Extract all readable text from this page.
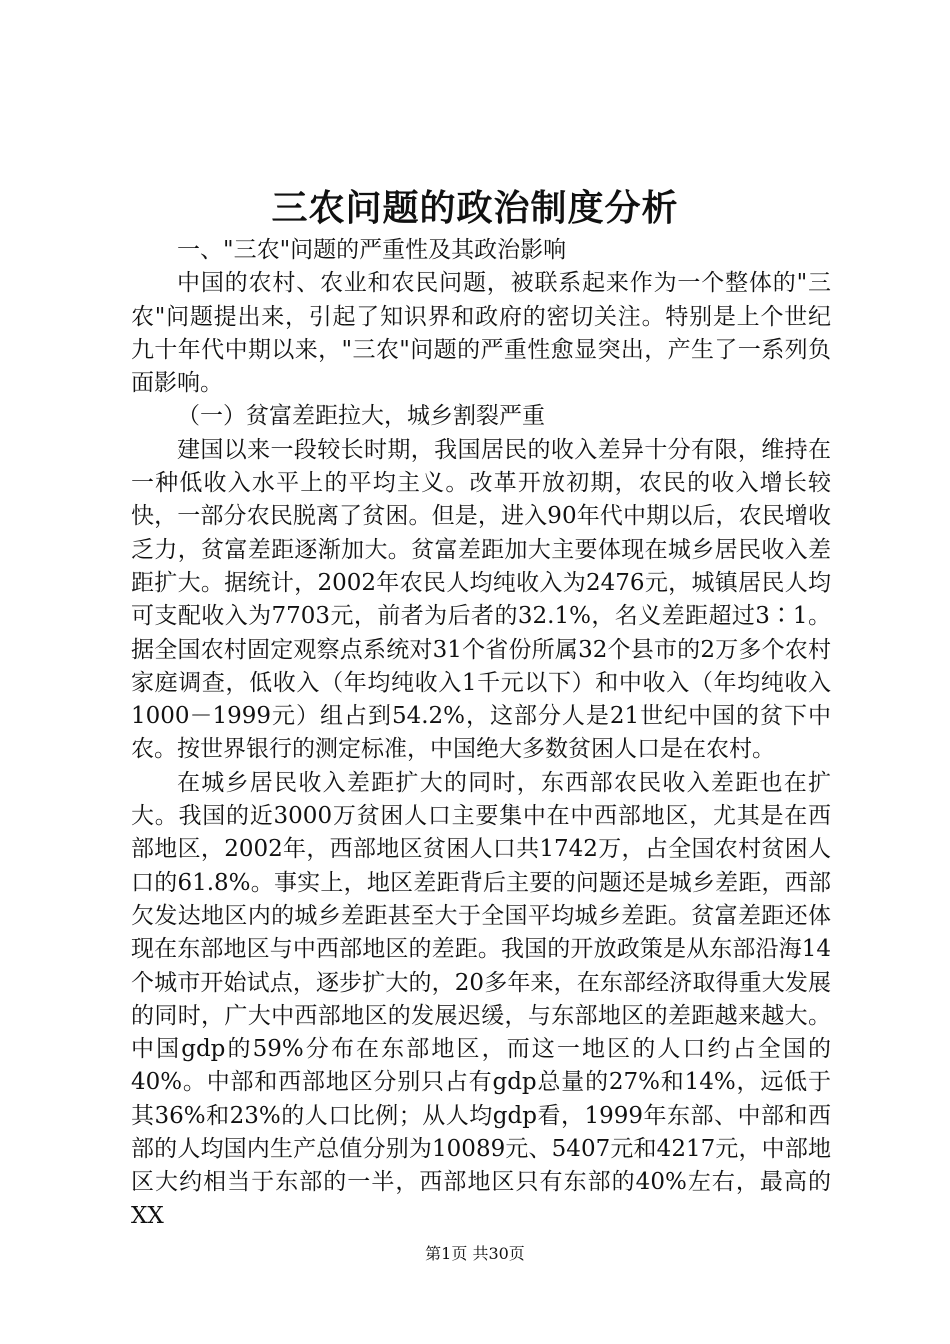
三农问题的政治制度分析

一、"三农"问题的严重性及其政治影响

中国的农村、农业和农民问题，被联系起来作为一个整体的"三农"问题提出来，引起了知识界和政府的密切关注。特别是上个世纪九十年代中期以来，"三农"问题的严重性愈显突出，产生了一系列负面影响。

（一）贫富差距拉大，城乡割裂严重

建国以来一段较长时期，我国居民的收入差异十分有限，维持在一种低收入水平上的平均主义。改革开放初期，农民的收入增长较快，一部分农民脱离了贫困。但是，进入90年代中期以后，农民增收乏力，贫富差距逐渐加大。贫富差距加大主要体现在城乡居民收入差距扩大。据统计，2002年农民人均纯收入为2476元，城镇居民人均可支配收入为7703元，前者为后者的32.1%，名义差距超过3∶1。据全国农村固定观察点系统对31个省份所属32个县市的2万多个农村家庭调查，低收入（年均纯收入1千元以下）和中收入（年均纯收入1000－1999元）组占到54.2%，这部分人是21世纪中国的贫下中农。按世界银行的测定标准，中国绝大多数贫困人口是在农村。

在城乡居民收入差距扩大的同时，东西部农民收入差距也在扩大。我国的近3000万贫困人口主要集中在中西部地区，尤其是在西部地区，2002年，西部地区贫困人口共1742万，占全国农村贫困人口的61.8%。事实上，地区差距背后主要的问题还是城乡差距，西部欠发达地区内的城乡差距甚至大于全国平均城乡差距。贫富差距还体现在东部地区与中西部地区的差距。我国的开放政策是从东部沿海14个城市开始试点，逐步扩大的，20多年来，在东部经济取得重大发展的同时，广大中西部地区的发展迟缓，与东部地区的差距越来越大。中国gdp的59%分布在东部地区，而这一地区的人口约占全国的40%。中部和西部地区分别只占有gdp总量的27%和14%，远低于其36%和23%的人口比例；从人均gdp看，1999年东部、中部和西部的人均国内生产总值分别为10089元、5407元和4217元，中部地区大约相当于东部的一半，西部地区只有东部的40%左右，最高的XX

第1页 共30页
